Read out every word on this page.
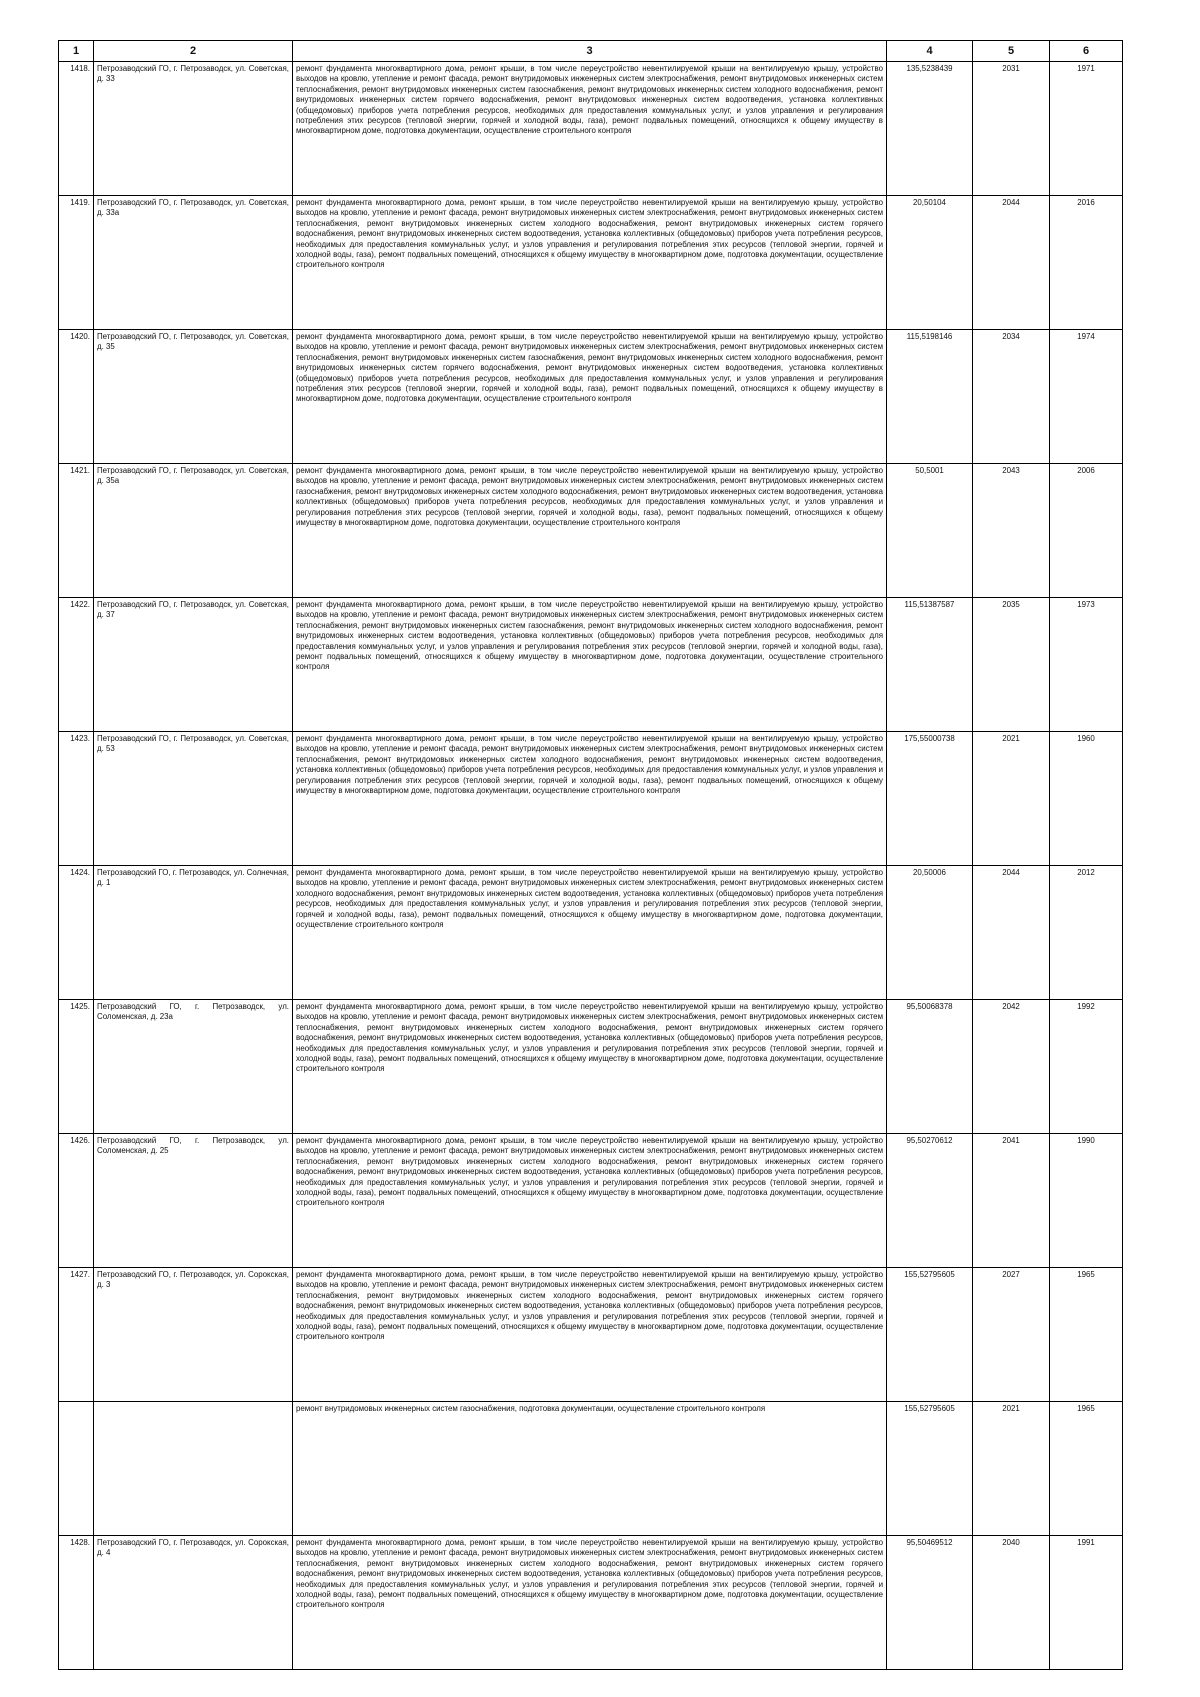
1	2	3	4	5	6
1418.	Петрозаводский ГО, г. Петрозаводск, ул. Советская, д. 33	ремонт фундамента многоквартирного дома, ремонт крыши, в том числе переустройство невентилируемой крыши на вентилируемую крышу, устройство выходов на кровлю, утепление и ремонт фасада, ремонт внутридомовых инженерных систем электроснабжения, ремонт внутридомовых инженерных систем теплоснабжения, ремонт внутридомовых инженерных систем газоснабжения, ремонт внутридомовых инженерных систем холодного водоснабжения, ремонт внутридомовых инженерных систем горячего водоснабжения, ремонт внутридомовых инженерных систем водоотведения, установка коллективных (общедомовых) приборов учета потребления ресурсов, необходимых для предоставления коммунальных услуг, и узлов управления и регулирования потребления этих ресурсов (тепловой энергии, горячей и холодной воды, газа), ремонт подвальных помещений, относящихся к общему имуществу в многоквартирном доме, подготовка документации, осуществление строительного контроля	135,5238439	2031	1971
1419.	Петрозаводский ГО, г. Петрозаводск, ул. Советская, д. 33а	ремонт фундамента многоквартирного дома, ремонт крыши, в том числе переустройство невентилируемой крыши на вентилируемую крышу, устройство выходов на кровлю, утепление и ремонт фасада, ремонт внутридомовых инженерных систем электроснабжения, ремонт внутридомовых инженерных систем теплоснабжения, ремонт внутридомовых инженерных систем холодного водоснабжения, ремонт внутридомовых инженерных систем горячего водоснабжения, ремонт внутридомовых инженерных систем водоотведения, установка коллективных (общедомовых) приборов учета потребления ресурсов, необходимых для предоставления коммунальных услуг, и узлов управления и регулирования потребления этих ресурсов (тепловой энергии, горячей и холодной воды, газа), ремонт подвальных помещений, относящихся к общему имуществу в многоквартирном доме, подготовка документации, осуществление строительного контроля	20,50104	2044	2016
1420.	Петрозаводский ГО, г. Петрозаводск, ул. Советская, д. 35	ремонт фундамента многоквартирного дома, ремонт крыши, в том числе переустройство невентилируемой крыши на вентилируемую крышу, устройство выходов на кровлю, утепление и ремонт фасада, ремонт внутридомовых инженерных систем электроснабжения, ремонт внутридомовых инженерных систем теплоснабжения, ремонт внутридомовых инженерных систем газоснабжения, ремонт внутридомовых инженерных систем холодного водоснабжения, ремонт внутридомовых инженерных систем горячего водоснабжения, ремонт внутридомовых инженерных систем водоотведения, установка коллективных (общедомовых) приборов учета потребления ресурсов, необходимых для предоставления коммунальных услуг, и узлов управления и регулирования потребления этих ресурсов (тепловой энергии, горячей и холодной воды, газа), ремонт подвальных помещений, относящихся к общему имуществу в многоквартирном доме, подготовка документации, осуществление строительного контроля	115,5198146	2034	1974
1421.	Петрозаводский ГО, г. Петрозаводск, ул. Советская, д. 35а	ремонт фундамента многоквартирного дома, ремонт крыши, в том числе переустройство невентилируемой крыши на вентилируемую крышу, устройство выходов на кровлю, утепление и ремонт фасада, ремонт внутридомовых инженерных систем электроснабжения, ремонт внутридомовых инженерных систем газоснабжения, ремонт внутридомовых инженерных систем холодного водоснабжения, ремонт внутридомовых инженерных систем водоотведения, установка коллективных (общедомовых) приборов учета потребления ресурсов, необходимых для предоставления коммунальных услуг, и узлов управления и регулирования потребления этих ресурсов (тепловой энергии, горячей и холодной воды, газа), ремонт подвальных помещений, относящихся к общему имуществу в многоквартирном доме, подготовка документации, осуществление строительного контроля	50,5001	2043	2006
1422.	Петрозаводский ГО, г. Петрозаводск, ул. Советская, д. 37	ремонт фундамента многоквартирного дома, ремонт крыши, в том числе переустройство невентилируемой крыши на вентилируемую крышу, устройство выходов на кровлю, утепление и ремонт фасада, ремонт внутридомовых инженерных систем электроснабжения, ремонт внутридомовых инженерных систем теплоснабжения, ремонт внутридомовых инженерных систем газоснабжения, ремонт внутридомовых инженерных систем холодного водоснабжения, ремонт внутридомовых инженерных систем водоотведения, установка коллективных (общедомовых) приборов учета потребления ресурсов, необходимых для предоставления коммунальных услуг, и узлов управления и регулирования потребления этих ресурсов (тепловой энергии, горячей и холодной воды, газа), ремонт подвальных помещений, относящихся к общему имуществу в многоквартирном доме, подготовка документации, осуществление строительного контроля	115,51387587	2035	1973
1423.	Петрозаводский ГО, г. Петрозаводск, ул. Советская, д. 53	ремонт фундамента многоквартирного дома, ремонт крыши, в том числе переустройство невентилируемой крыши на вентилируемую крышу, устройство выходов на кровлю, утепление и ремонт фасада, ремонт внутридомовых инженерных систем электроснабжения, ремонт внутридомовых инженерных систем теплоснабжения, ремонт внутридомовых инженерных систем холодного водоснабжения, ремонт внутридомовых инженерных систем водоотведения, установка коллективных (общедомовых) приборов учета потребления ресурсов, необходимых для предоставления коммунальных услуг, и узлов управления и регулирования потребления этих ресурсов (тепловой энергии, горячей и холодной воды, газа), ремонт подвальных помещений, относящихся к общему имуществу в многоквартирном доме, подготовка документации, осуществление строительного контроля	175,55000738	2021	1960
1424.	Петрозаводский ГО, г. Петрозаводск, ул. Солнечная, д. 1	ремонт фундамента многоквартирного дома, ремонт крыши, в том числе переустройство невентилируемой крыши на вентилируемую крышу, устройство выходов на кровлю, утепление и ремонт фасада, ремонт внутридомовых инженерных систем электроснабжения, ремонт внутридомовых инженерных систем холодного водоснабжения, ремонт внутридомовых инженерных систем водоотведения, установка коллективных (общедомовых) приборов учета потребления ресурсов, необходимых для предоставления коммунальных услуг, и узлов управления и регулирования потребления этих ресурсов (тепловой энергии, горячей и холодной воды, газа), ремонт подвальных помещений, относящихся к общему имуществу в многоквартирном доме, подготовка документации, осуществление строительного контроля	20,50006	2044	2012
1425.	Петрозаводский ГО, г. Петрозаводск, ул. Соломенская, д. 23а	ремонт фундамента многоквартирного дома, ремонт крыши, в том числе переустройство невентилируемой крыши на вентилируемую крышу, устройство выходов на кровлю, утепление и ремонт фасада, ремонт внутридомовых инженерных систем электроснабжения, ремонт внутридомовых инженерных систем теплоснабжения, ремонт внутридомовых инженерных систем холодного водоснабжения, ремонт внутридомовых инженерных систем горячего водоснабжения, ремонт внутридомовых инженерных систем водоотведения, установка коллективных (общедомовых) приборов учета потребления ресурсов, необходимых для предоставления коммунальных услуг, и узлов управления и регулирования потребления этих ресурсов (тепловой энергии, горячей и холодной воды, газа), ремонт подвальных помещений, относящихся к общему имуществу в многоквартирном доме, подготовка документации, осуществление строительного контроля	95,50068378	2042	1992
1426.	Петрозаводский ГО, г. Петрозаводск, ул. Соломенская, д. 25	ремонт фундамента многоквартирного дома, ремонт крыши, в том числе переустройство невентилируемой крыши на вентилируемую крышу, устройство выходов на кровлю, утепление и ремонт фасада, ремонт внутридомовых инженерных систем электроснабжения, ремонт внутридомовых инженерных систем теплоснабжения, ремонт внутридомовых инженерных систем холодного водоснабжения, ремонт внутридомовых инженерных систем горячего водоснабжения, ремонт внутридомовых инженерных систем водоотведения, установка коллективных (общедомовых) приборов учета потребления ресурсов, необходимых для предоставления коммунальных услуг, и узлов управления и регулирования потребления этих ресурсов (тепловой энергии, горячей и холодной воды, газа), ремонт подвальных помещений, относящихся к общему имуществу в многоквартирном доме, подготовка документации, осуществление строительного контроля	95,50270612	2041	1990
1427.	Петрозаводский ГО, г. Петрозаводск, ул. Сорокская, д. 3	ремонт фундамента многоквартирного дома, ремонт крыши, в том числе переустройство невентилируемой крыши на вентилируемую крышу, устройство выходов на кровлю, утепление и ремонт фасада, ремонт внутридомовых инженерных систем электроснабжения, ремонт внутридомовых инженерных систем теплоснабжения, ремонт внутридомовых инженерных систем холодного водоснабжения, ремонт внутридомовых инженерных систем горячего водоснабжения, ремонт внутридомовых инженерных систем водоотведения, установка коллективных (общедомовых) приборов учета потребления ресурсов, необходимых для предоставления коммунальных услуг, и узлов управления и регулирования потребления этих ресурсов (тепловой энергии, горячей и холодной воды, газа), ремонт подвальных помещений, относящихся к общему имуществу в многоквартирном доме, подготовка документации, осуществление строительного контроля	155,52795605	2027	1965
		ремонт внутридомовых инженерных систем газоснабжения, подготовка документации, осуществление строительного контроля	155,52795605	2021	1965
1428.	Петрозаводский ГО, г. Петрозаводск, ул. Сорокская, д. 4	ремонт фундамента многоквартирного дома, ремонт крыши, в том числе переустройство невентилируемой крыши на вентилируемую крышу, устройство выходов на кровлю, утепление и ремонт фасада, ремонт внутридомовых инженерных систем электроснабжения, ремонт внутридомовых инженерных систем теплоснабжения, ремонт внутридомовых инженерных систем холодного водоснабжения, ремонт внутридомовых инженерных систем горячего водоснабжения, ремонт внутридомовых инженерных систем водоотведения, установка коллективных (общедомовых) приборов учета потребления ресурсов, необходимых для предоставления коммунальных услуг, и узлов управления и регулирования потребления этих ресурсов (тепловой энергии, горячей и холодной воды, газа), ремонт подвальных помещений, относящихся к общему имуществу в многоквартирном доме, подготовка документации, осуществление строительного контроля	95,50469512	2040	1991
